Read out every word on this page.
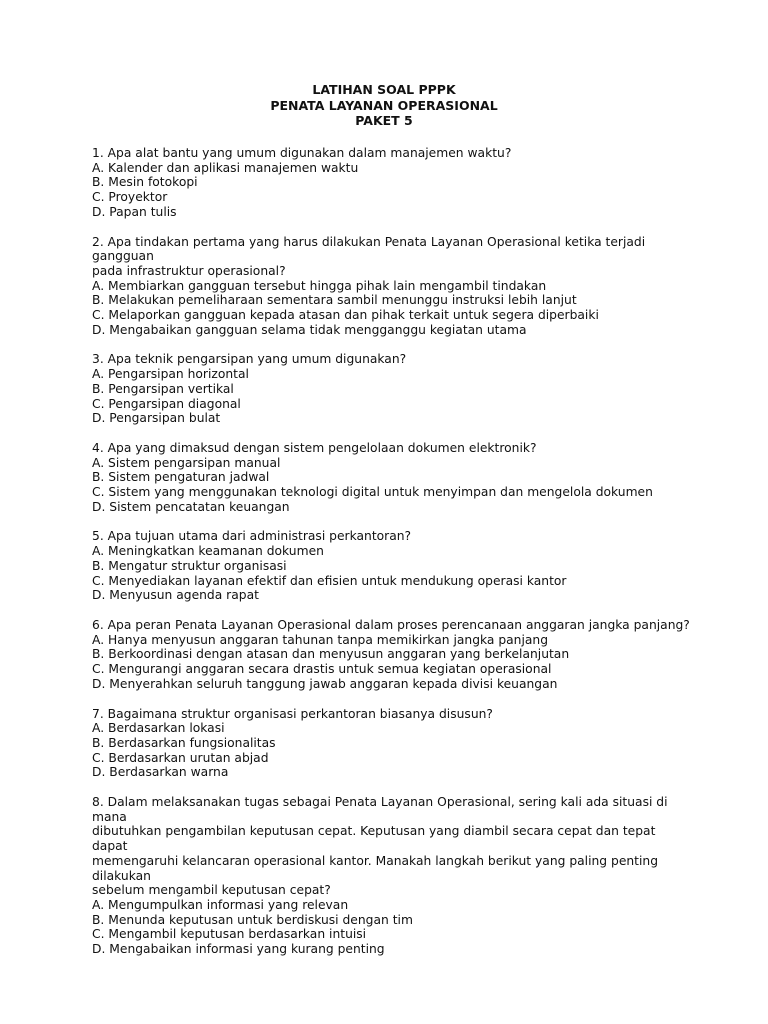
LATIHAN SOAL PPPK

PENATA LAYANAN OPERASIONAL

PAKET 5

1. Apa alat bantu yang umum digunakan dalam manajemen waktu?

A. Kalender dan aplikasi manajemen waktu

B. Mesin fotokopi

C. Proyektor

D. Papan tulis

2. Apa tindakan pertama yang harus dilakukan Penata Layanan Operasional ketika terjadi gangguan
pada infrastruktur operasional?

A. Membiarkan gangguan tersebut hingga pihak lain mengambil tindakan

B. Melakukan pemeliharaan sementara sambil menunggu instruksi lebih lanjut

C. Melaporkan gangguan kepada atasan dan pihak terkait untuk segera diperbaiki

D. Mengabaikan gangguan selama tidak mengganggu kegiatan utama

3. Apa teknik pengarsipan yang umum digunakan?

A. Pengarsipan horizontal

B. Pengarsipan vertikal

C. Pengarsipan diagonal

D. Pengarsipan bulat

4. Apa yang dimaksud dengan sistem pengelolaan dokumen elektronik?

A. Sistem pengarsipan manual

B. Sistem pengaturan jadwal

C. Sistem yang menggunakan teknologi digital untuk menyimpan dan mengelola dokumen

D. Sistem pencatatan keuangan

5. Apa tujuan utama dari administrasi perkantoran?

A. Meningkatkan keamanan dokumen

B. Mengatur struktur organisasi

C. Menyediakan layanan efektif dan efisien untuk mendukung operasi kantor

D. Menyusun agenda rapat

6. Apa peran Penata Layanan Operasional dalam proses perencanaan anggaran jangka panjang?

A. Hanya menyusun anggaran tahunan tanpa memikirkan jangka panjang

B. Berkoordinasi dengan atasan dan menyusun anggaran yang berkelanjutan

C. Mengurangi anggaran secara drastis untuk semua kegiatan operasional

D. Menyerahkan seluruh tanggung jawab anggaran kepada divisi keuangan

7. Bagaimana struktur organisasi perkantoran biasanya disusun?

A. Berdasarkan lokasi

B. Berdasarkan fungsionalitas

C. Berdasarkan urutan abjad

D. Berdasarkan warna

8. Dalam melaksanakan tugas sebagai Penata Layanan Operasional, sering kali ada situasi di mana
dibutuhkan pengambilan keputusan cepat. Keputusan yang diambil secara cepat dan tepat dapat
memengaruhi kelancaran operasional kantor. Manakah langkah berikut yang paling penting dilakukan
sebelum mengambil keputusan cepat?

A. Mengumpulkan informasi yang relevan

B. Menunda keputusan untuk berdiskusi dengan tim

C. Mengambil keputusan berdasarkan intuisi

D. Mengabaikan informasi yang kurang penting
